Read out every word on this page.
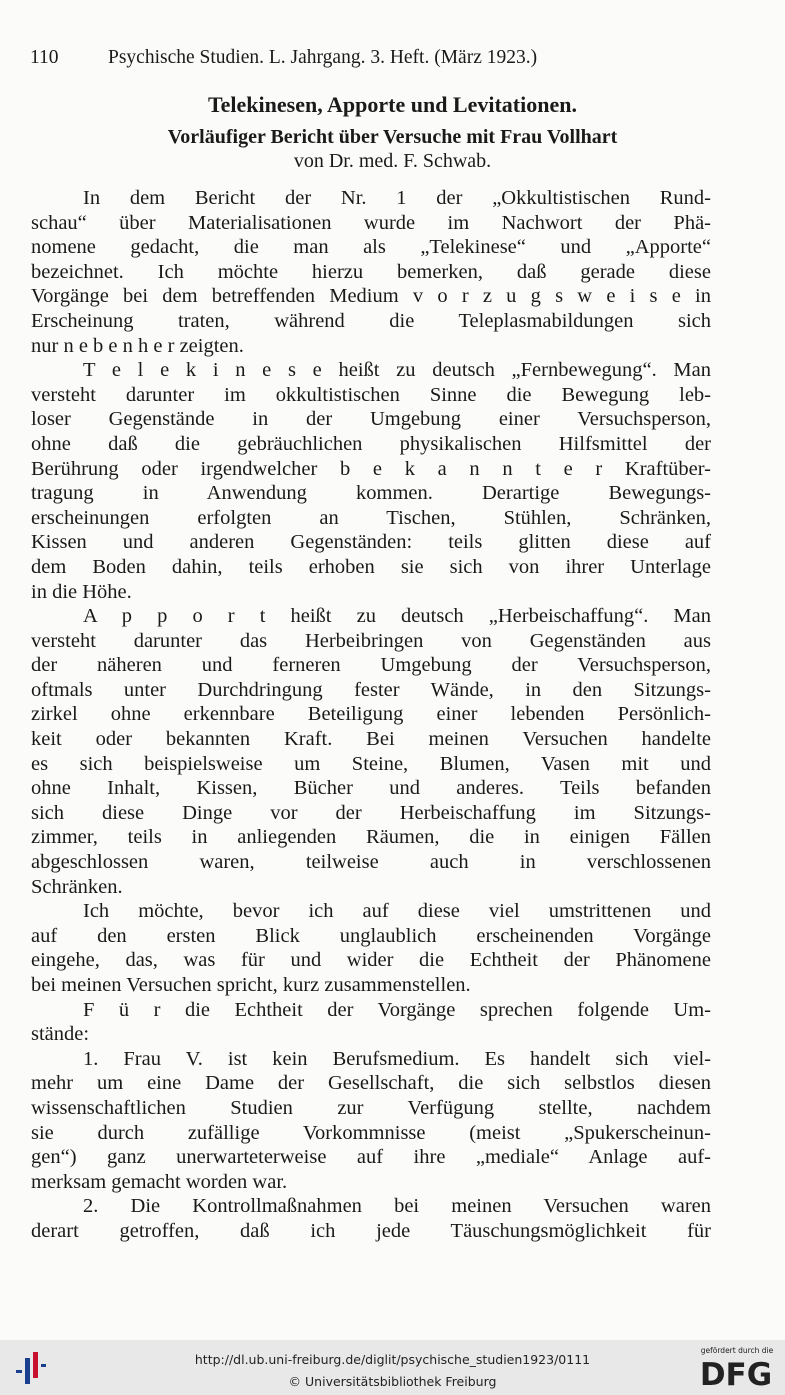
110	Psychische Studien. L. Jahrgang. 3. Heft. (März 1923.)
Telekinesen, Apporte und Levitationen.
Vorläufiger Bericht über Versuche mit Frau Vollhart
von Dr. med. F. Schwab.
In dem Bericht der Nr. 1 der „Okkultistischen Rund-
schau“ über Materialisationen wurde im Nachwort der Phä-
nomene gedacht, die man als „Telekinese“ und „Apporte“
bezeichnet. Ich möchte hierzu bemerken, daß gerade diese
Vorgänge bei dem betreffenden Medium v o r z u g s w e i s e in
Erscheinung traten, während die Teleplasmabildungen sich
nur n e b e n h e r zeigten.
T e l e k i n e s e heißt zu deutsch „Fernbewegung“. Man
versteht darunter im okkultistischen Sinne die Bewegung leb-
loser Gegenstände in der Umgebung einer Versuchsperson,
ohne daß die gebräuchlichen physikalischen Hilfsmittel der
Berührung oder irgendwelcher b e k a n n t e r Kraftüber-
tragung in Anwendung kommen. Derartige Bewegungs-
erscheinungen erfolgten an Tischen, Stühlen, Schränken,
Kissen und anderen Gegenständen: teils glitten diese auf
dem Boden dahin, teils erhoben sie sich von ihrer Unterlage
in die Höhe.
A p p o r t heißt zu deutsch „Herbeischaffung“. Man
versteht darunter das Herbeibringen von Gegenständen aus
der näheren und ferneren Umgebung der Versuchsperson,
oftmals unter Durchdringung fester Wände, in den Sitzungs-
zirkel ohne erkennbare Beteiligung einer lebenden Persönlich-
keit oder bekannten Kraft. Bei meinen Versuchen handelte
es sich beispielsweise um Steine, Blumen, Vasen mit und
ohne Inhalt, Kissen, Bücher und anderes. Teils befanden
sich diese Dinge vor der Herbeischaffung im Sitzungs-
zimmer, teils in anliegenden Räumen, die in einigen Fällen
abgeschlossen waren, teilweise auch in verschlossenen
Schränken.
Ich möchte, bevor ich auf diese viel umstrittenen und
auf den ersten Blick unglaublich erscheinenden Vorgänge
eingehe, das, was für und wider die Echtheit der Phänomene
bei meinen Versuchen spricht, kurz zusammenstellen.
F ü r die Echtheit der Vorgänge sprechen folgende Um-
stände:
1. Frau V. ist kein Berufsmedium. Es handelt sich viel-
mehr um eine Dame der Gesellschaft, die sich selbstlos diesen
wissenschaftlichen Studien zur Verfügung stellte, nachdem
sie durch zufällige Vorkommnisse (meist „Spukerscheinun-
gen“) ganz unerwarteterweise auf ihre „mediale“ Anlage auf-
merksam gemacht worden war.
2. Die Kontrollmaßnahmen bei meinen Versuchen waren
derart getroffen, daß ich jede Täuschungsmöglichkeit für
http://dl.ub.uni-freiburg.de/diglit/psychische_studien1923/0111
© Universitätsbibliothek Freiburg
gefördert durch die
DFG
